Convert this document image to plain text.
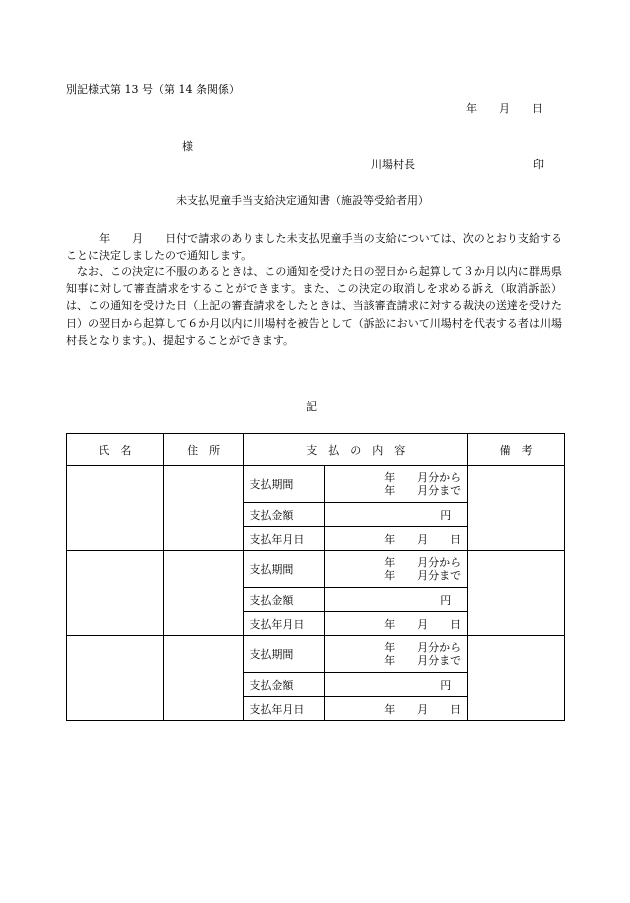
別記様式第 13 号（第 14 条関係）
年　　月　　日
様
川場村長	印
未支払児童手当支給決定通知書（施設等受給者用）

　　　年　　月　　日付で請求のありました未支払児童手当の支給については、次のとおり支給することに決定しましたので通知します。

　なお、この決定に不服のあるときは、この通知を受けた日の翌日から起算して３か月以内に群馬県知事に対して審査請求をすることができます。また、この決定の取消しを求める訴え（取消訴訟）は、この通知を受けた日（上記の審査請求をしたときは、当該審査請求に対する裁決の送達を受けた日）の翌日から起算して６か月以内に川場村を被告として（訴訟において川場村を代表する者は川場村長となります。)、提起することができます。

記
氏　名	住　所	支　払　の　内　容		備　考
		支払期間	年　　月分から
年　　月分まで	

		支払金額	円	
		支払年月日	年　　月　　日	
		支払期間	年　　月分から
年　　月分まで	

		支払金額	円	
		支払年月日	年　　月　　日	
		支払期間	年　　月分から
年　　月分まで	

		支払金額	円	
		支払年月日	年　　月　　日	
